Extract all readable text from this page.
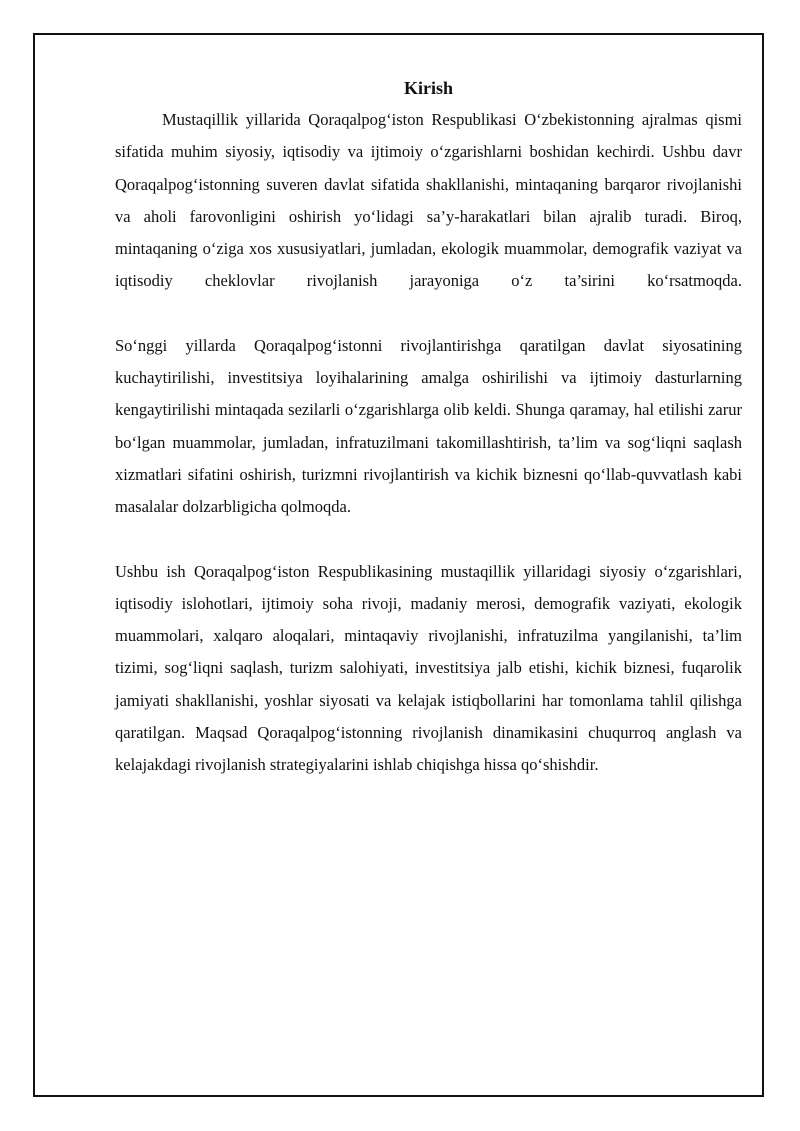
Kirish

Mustaqillik yillarida Qoraqalpog‘iston Respublikasi O‘zbekistonning ajralmas qismi sifatida muhim siyosiy, iqtisodiy va ijtimoiy o‘zgarishlarni boshidan kechirdi. Ushbu davr Qoraqalpog‘istonning suveren davlat sifatida shakllanishi, mintaqaning barqaror rivojlanishi va aholi farovonligini oshirish yo‘lidagi sa’y-harakatlari bilan ajralib turadi. Biroq, mintaqaning o‘ziga xos xususiyatlari, jumladan, ekologik muammolar, demografik vaziyat va iqtisodiy cheklovlar rivojlanish jarayoniga o‘z ta’sirini ko‘rsatmoqda.

So‘nggi yillarda Qoraqalpog‘istonni rivojlantirishga qaratilgan davlat siyosatining kuchaytirilishi, investitsiya loyihalarining amalga oshirilishi va ijtimoiy dasturlarning kengaytirilishi mintaqada sezilarli o‘zgarishlarga olib keldi. Shunga qaramay, hal etilishi zarur bo‘lgan muammolar, jumladan, infratuzilmani takomillashtirish, ta’lim va sog‘liqni saqlash xizmatlari sifatini oshirish, turizmni rivojlantirish va kichik biznesni qo‘llab-quvvatlash kabi masalalar dolzarbligicha qolmoqda.

Ushbu ish Qoraqalpog‘iston Respublikasining mustaqillik yillaridagi siyosiy o‘zgarishlari, iqtisodiy islohotlari, ijtimoiy soha rivoji, madaniy merosi, demografik vaziyati, ekologik muammolari, xalqaro aloqalari, mintaqaviy rivojlanishi, infratuzilma yangilanishi, ta’lim tizimi, sog‘liqni saqlash, turizm salohiyati, investitsiya jalb etishi, kichik biznesi, fuqarolik jamiyati shakllanishi, yoshlar siyosati va kelajak istiqbollarini har tomonlama tahlil qilishga qaratilgan. Maqsad Qoraqalpog‘istonning rivojlanish dinamikasini chuqurroq anglash va kelajakdagi rivojlanish strategiyalarini ishlab chiqishga hissa qo‘shishdir.
